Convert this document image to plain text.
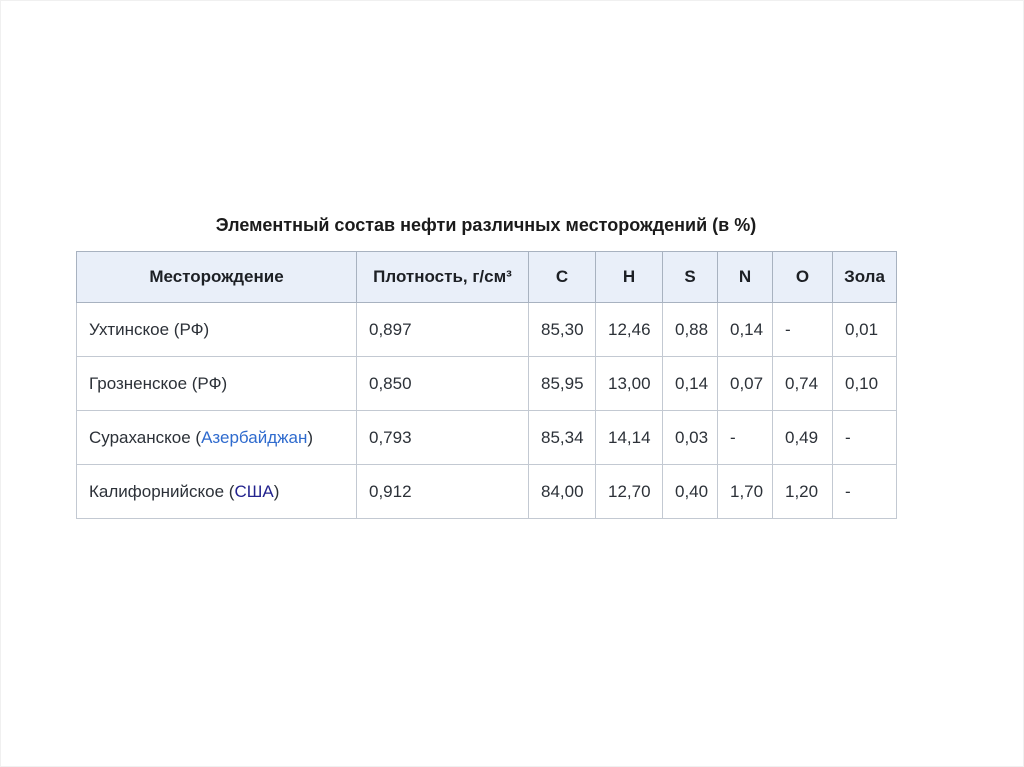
Элементный состав нефти различных месторождений (в %)
Месторождение	Плотность, г/см³	C	H	S	N	O	Зола
Ухтинское (РФ)	0,897	85,30	12,46	0,88	0,14	-	0,01
Грозненское (РФ)	0,850	85,95	13,00	0,14	0,07	0,74	0,10
Сураханское (Азербайджан)	0,793	85,34	14,14	0,03	-	0,49	-
Калифорнийское (США)	0,912	84,00	12,70	0,40	1,70	1,20	-
